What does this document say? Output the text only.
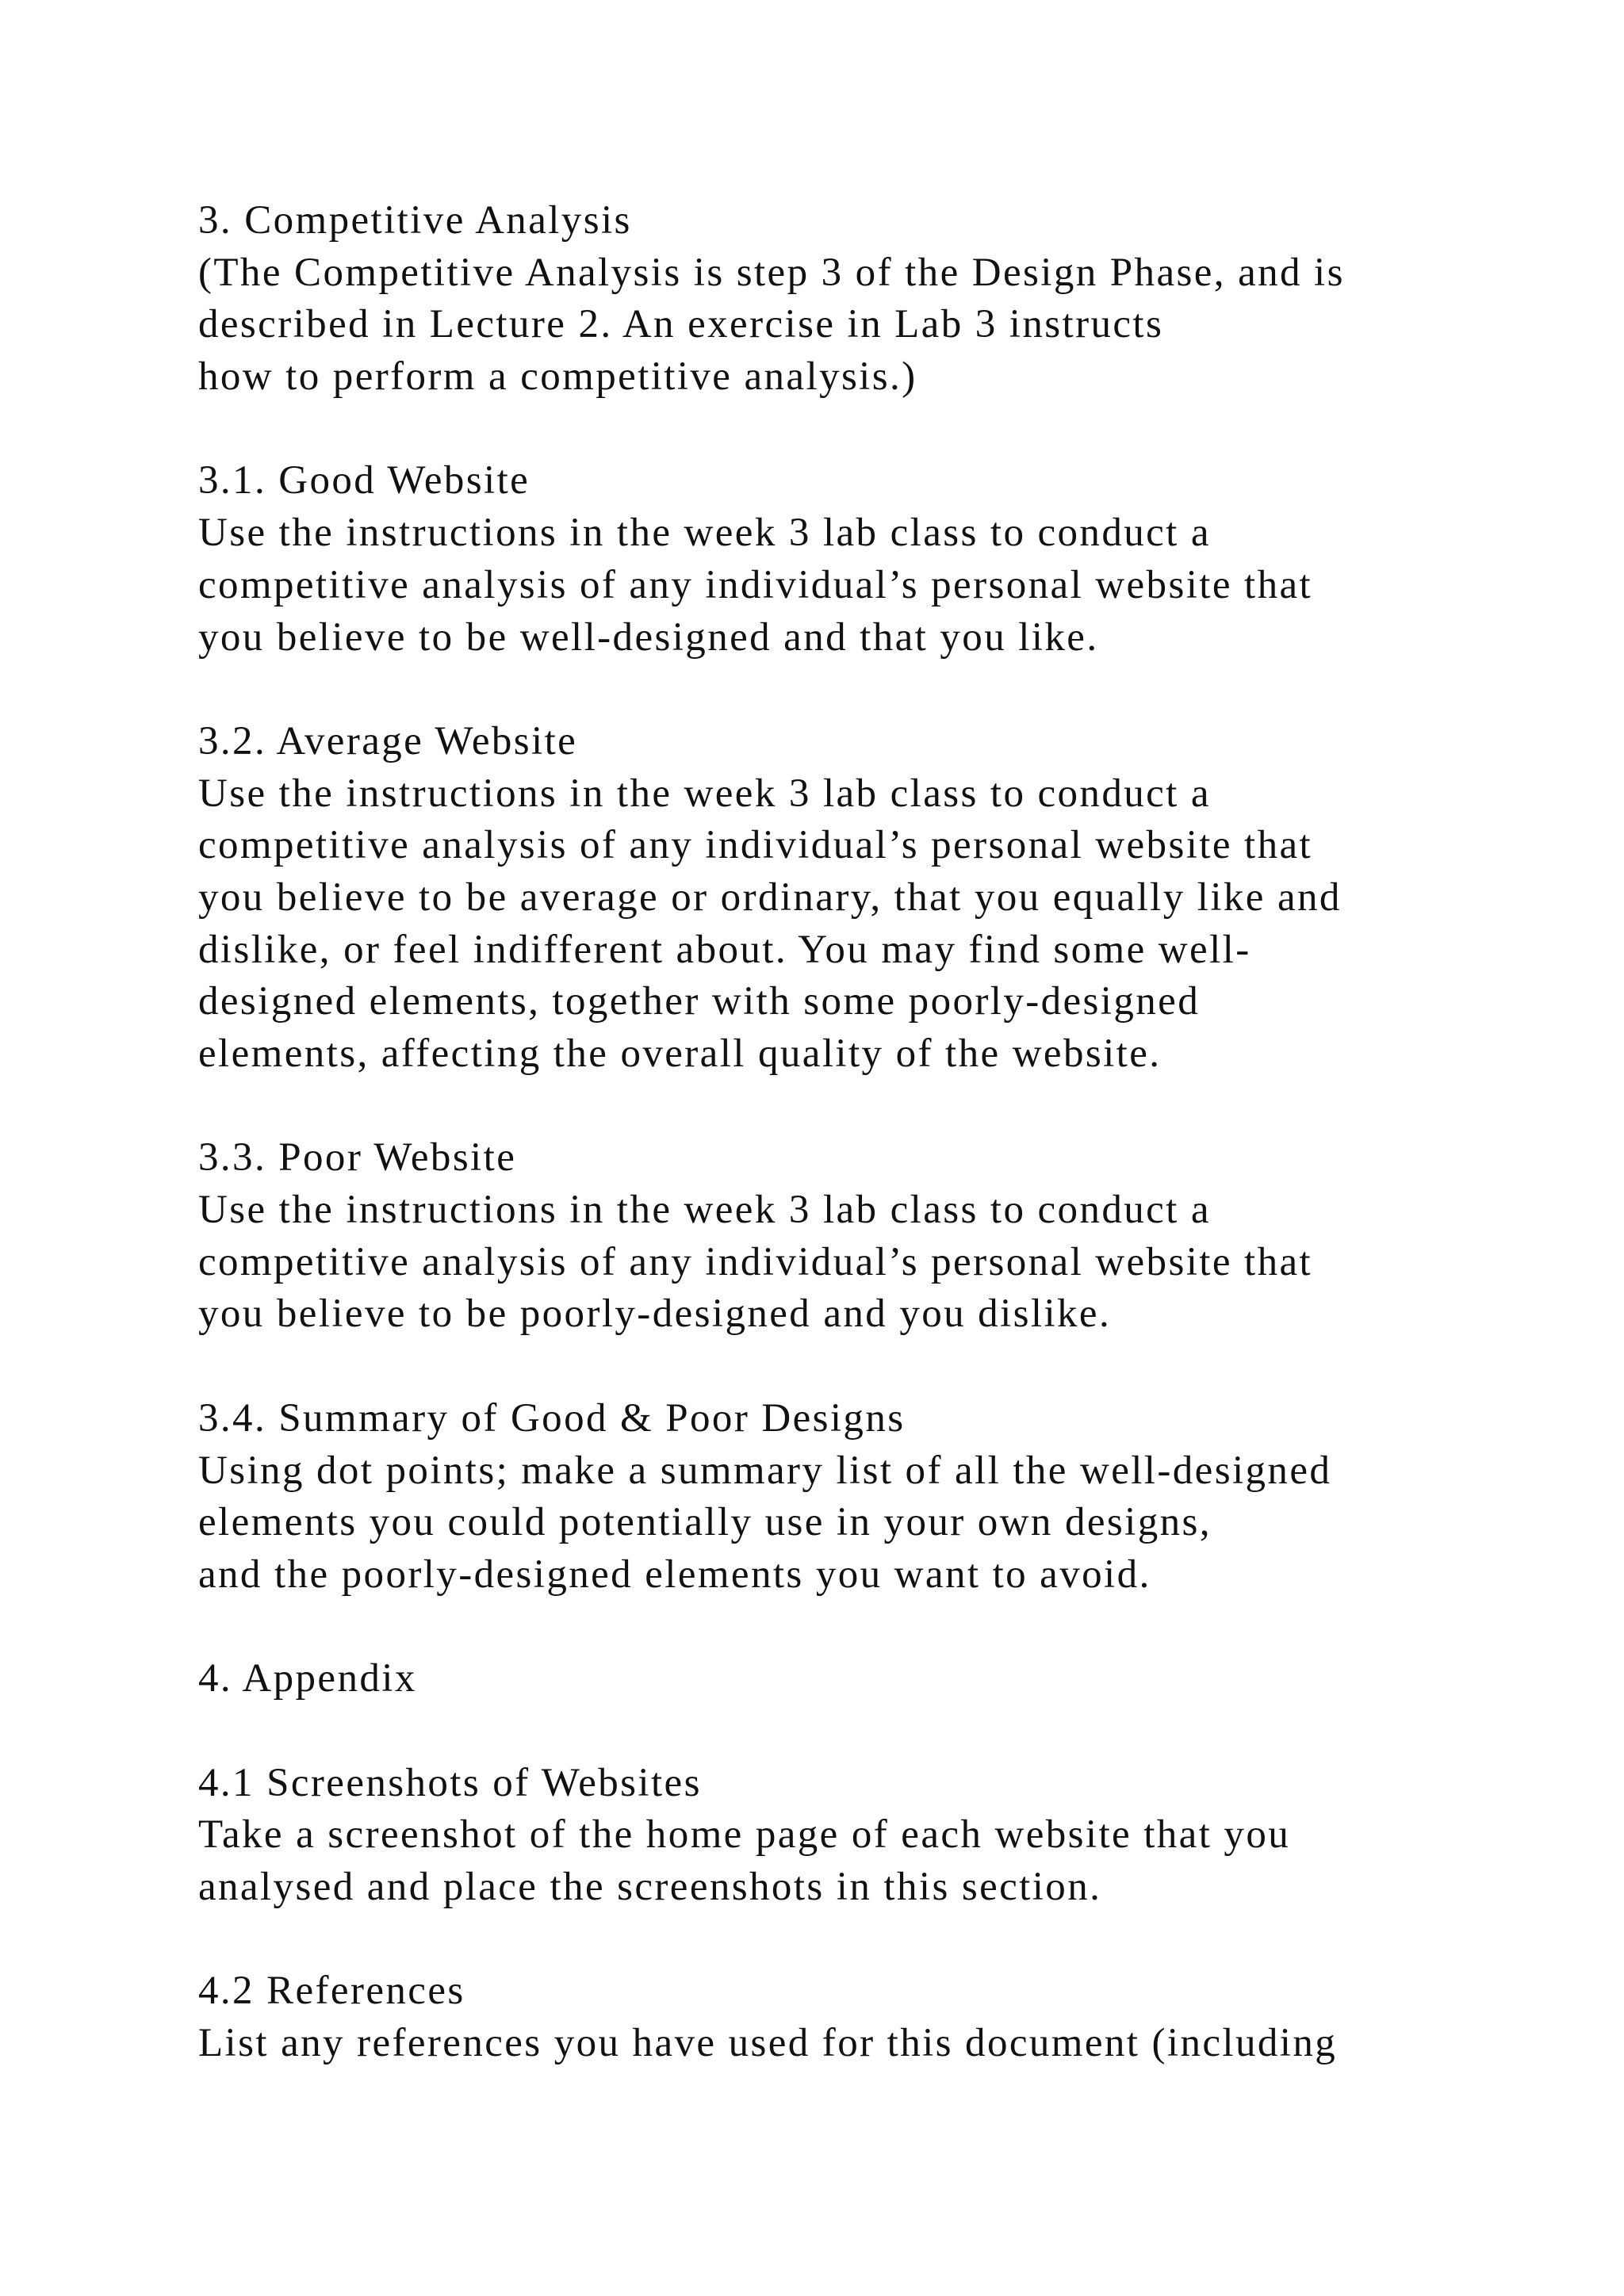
3. Competitive Analysis
(The Competitive Analysis is step 3 of the Design Phase, and is
described in Lecture 2. An exercise in Lab 3 instructs
how to perform a competitive analysis.)
3.1. Good Website
Use the instructions in the week 3 lab class to conduct a
competitive analysis of any individual’s personal website that
you believe to be well-designed and that you like.
3.2. Average Website
Use the instructions in the week 3 lab class to conduct a
competitive analysis of any individual’s personal website that
you believe to be average or ordinary, that you equally like and
dislike, or feel indifferent about. You may find some well-
designed elements, together with some poorly-designed
elements, affecting the overall quality of the website.
3.3. Poor Website
Use the instructions in the week 3 lab class to conduct a
competitive analysis of any individual’s personal website that
you believe to be poorly-designed and you dislike.
3.4. Summary of Good & Poor Designs
Using dot points; make a summary list of all the well-designed
elements you could potentially use in your own designs,
and the poorly-designed elements you want to avoid.
4. Appendix
4.1 Screenshots of Websites
Take a screenshot of the home page of each website that you
analysed and place the screenshots in this section.
4.2 References
List any references you have used for this document (including
